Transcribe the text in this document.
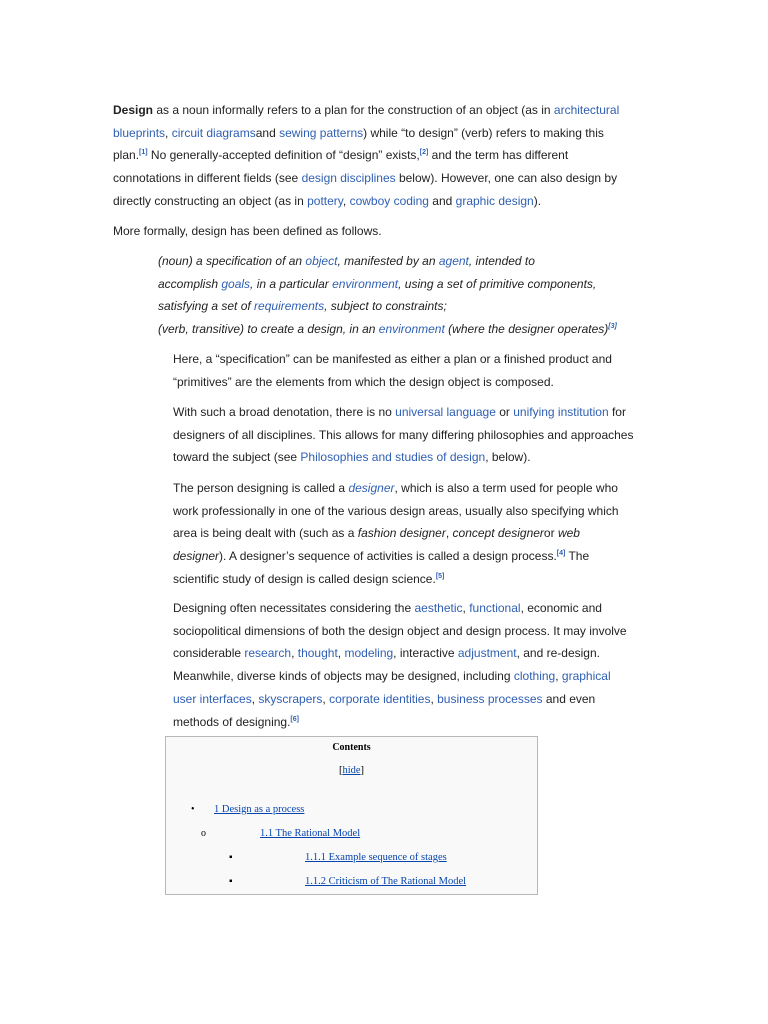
Design as a noun informally refers to a plan for the construction of an object (as in architectural
blueprints, circuit diagramsand sewing patterns) while “to design” (verb) refers to making this
plan.[1] No generally-accepted definition of “design” exists,[2] and the term has different
connotations in different fields (see design disciplines below). However, one can also design by
directly constructing an object (as in pottery, cowboy coding and graphic design).
More formally, design has been defined as follows.
(noun) a specification of an object, manifested by an agent, intended to
accomplish goals, in a particular environment, using a set of primitive components,
satisfying a set of requirements, subject to constraints;
(verb, transitive) to create a design, in an environment (where the designer operates)[3]
Here, a “specification” can be manifested as either a plan or a finished product and
“primitives” are the elements from which the design object is composed.
With such a broad denotation, there is no universal language or unifying institution for
designers of all disciplines. This allows for many differing philosophies and approaches
toward the subject (see Philosophies and studies of design, below).
The person designing is called a designer, which is also a term used for people who
work professionally in one of the various design areas, usually also specifying which
area is being dealt with (such as a fashion designer, concept designeror web
designer). A designer’s sequence of activities is called a design process.[4] The
scientific study of design is called design science.[5]
Designing often necessitates considering the aesthetic, functional, economic and
sociopolitical dimensions of both the design object and design process. It may involve
considerable research, thought, modeling, interactive adjustment, and re-design.
Meanwhile, diverse kinds of objects may be designed, including clothing, graphical
user interfaces, skyscrapers, corporate identities, business processes and even
methods of designing.[6]
Contents
[hide]
• 1 Design as a process
o	1.1 The Rational Model
▪	1.1.1 Example sequence of stages
▪	1.1.2 Criticism of The Rational Model
